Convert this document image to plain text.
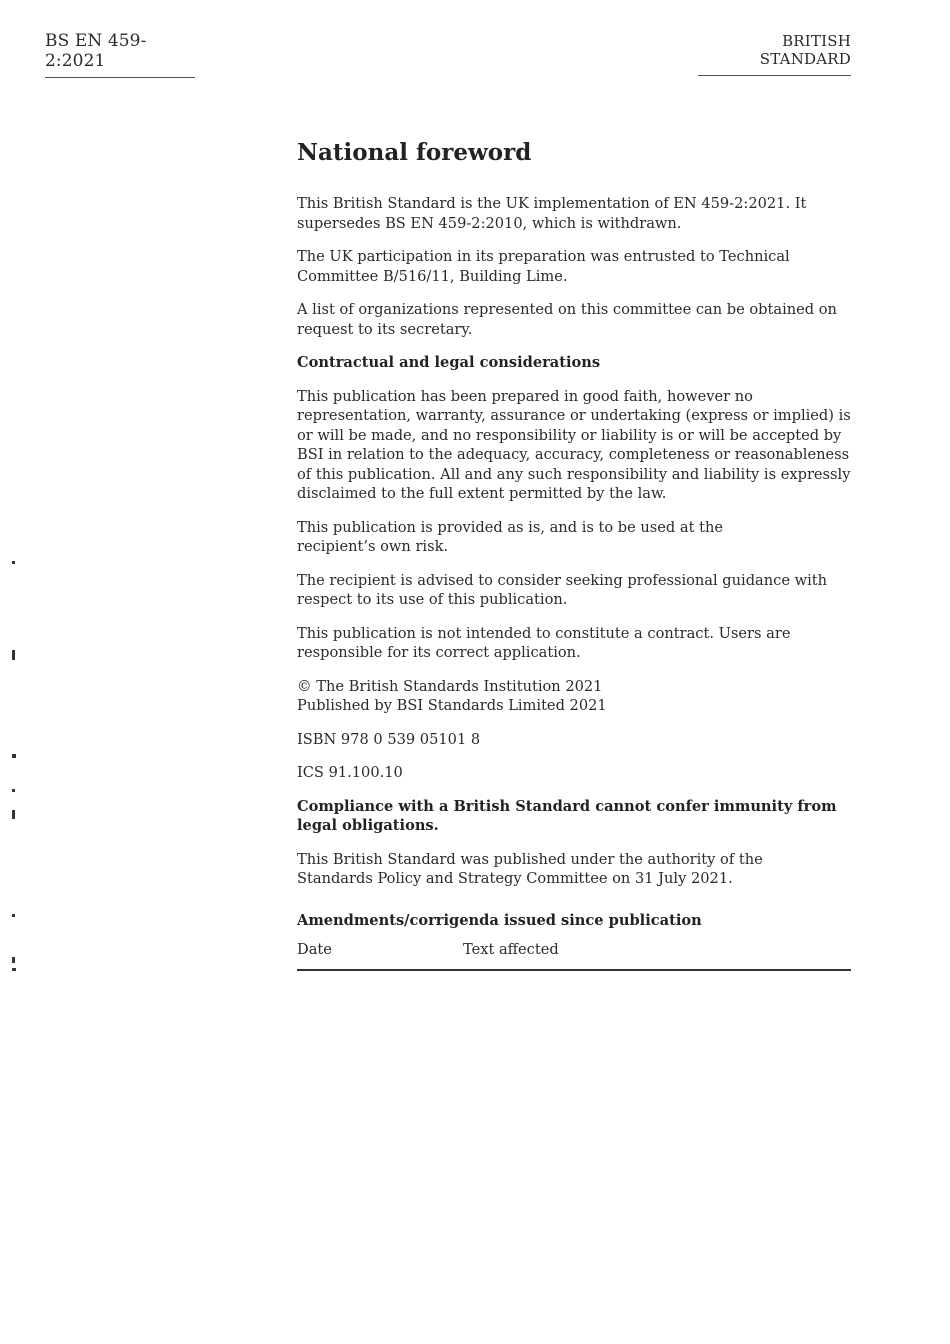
BS EN 459-2:2021
BRITISH STANDARD
National foreword

This British Standard is the UK implementation of EN 459-2:2021. It supersedes BS EN 459-2:2010, which is withdrawn.

The UK participation in its preparation was entrusted to Technical Committee B/516/11, Building Lime.

A list of organizations represented on this committee can be obtained on request to its secretary.

Contractual and legal considerations

This publication has been prepared in good faith, however no representation, warranty, assurance or undertaking (express or implied) is or will be made, and no responsibility or liability is or will be accepted by BSI in relation to the adequacy, accuracy, completeness or reasonableness of this publication. All and any such responsibility and liability is expressly disclaimed to the full extent permitted by the law.

This publication is provided as is, and is to be used at the recipient’s own risk.

The recipient is advised to consider seeking professional guidance with respect to its use of this publication.

This publication is not intended to constitute a contract. Users are responsible for its correct application.

© The British Standards Institution 2021
Published by BSI Standards Limited 2021

ISBN 978 0 539 05101 8

ICS 91.100.10

Compliance with a British Standard cannot confer immunity from legal obligations.

This British Standard was published under the authority of the Standards Policy and Strategy Committee on 31 July 2021.

Amendments/corrigenda issued since publication

Date	Text affected
